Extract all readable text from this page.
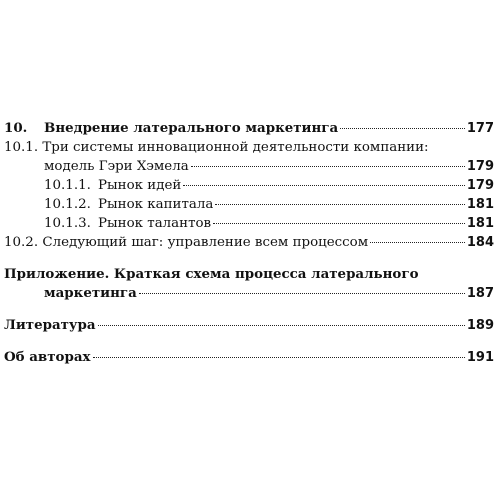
10. Внедрение латерального маркетинга	177
10.1. Три системы инновационной деятельности компании:
модель Гэри Хэмела	179
10.1.1. Рынок идей	179
10.1.2. Рынок капитала	181
10.1.3. Рынок талантов	181
10.2. Следующий шаг: управление всем процессом	184
Приложение. Краткая схема процесса латерального
маркетинга	187
Литература	189
Об авторах	191
